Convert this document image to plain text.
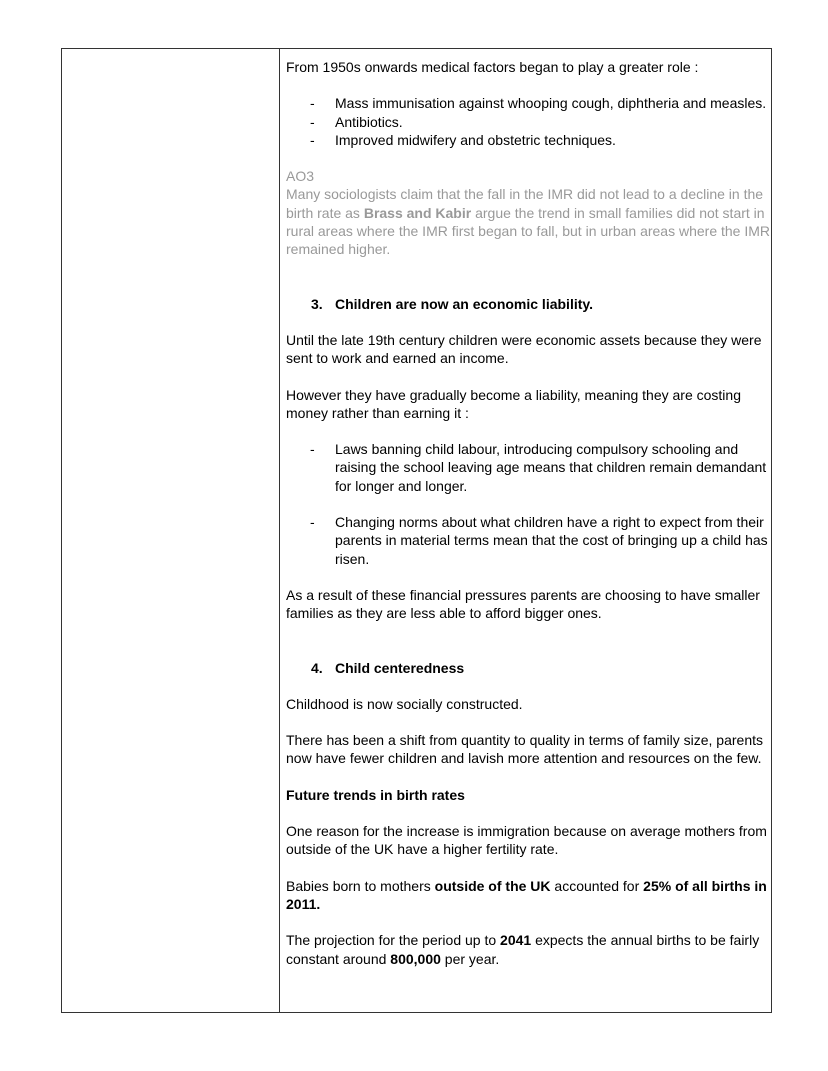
From 1950s onwards medical factors began to play a greater role :

-	Mass immunisation against whooping cough, diphtheria and measles.
-	Antibiotics.
-	Improved midwifery and obstetric techniques.

AO3

Many sociologists claim that the fall in the IMR did not lead to a decline in the birth rate as Brass and Kabir argue the trend in small families did not start in rural areas where the IMR first began to fall, but in urban areas where the IMR remained higher.

3. Children are now an economic liability.

Until the late 19th century children were economic assets because they were sent to work and earned an income.

However they have gradually become a liability, meaning they are costing money rather than earning it :

-	Laws banning child labour, introducing compulsory schooling and raising the school leaving age means that children remain demandant for longer and longer.
-	Changing norms about what children have a right to expect from their parents in material terms mean that the cost of bringing up a child has risen.

As a result of these financial pressures parents are choosing to have smaller families as they are less able to afford bigger ones.

4. Child centeredness

Childhood is now socially constructed.

There has been a shift from quantity to quality in terms of family size, parents now have fewer children and lavish more attention and resources on the few.

Future trends in birth rates

One reason for the increase is immigration because on average mothers from outside of the UK have a higher fertility rate.

Babies born to mothers outside of the UK accounted for 25% of all births in 2011.

The projection for the period up to 2041 expects the annual births to be fairly constant around 800,000 per year.
